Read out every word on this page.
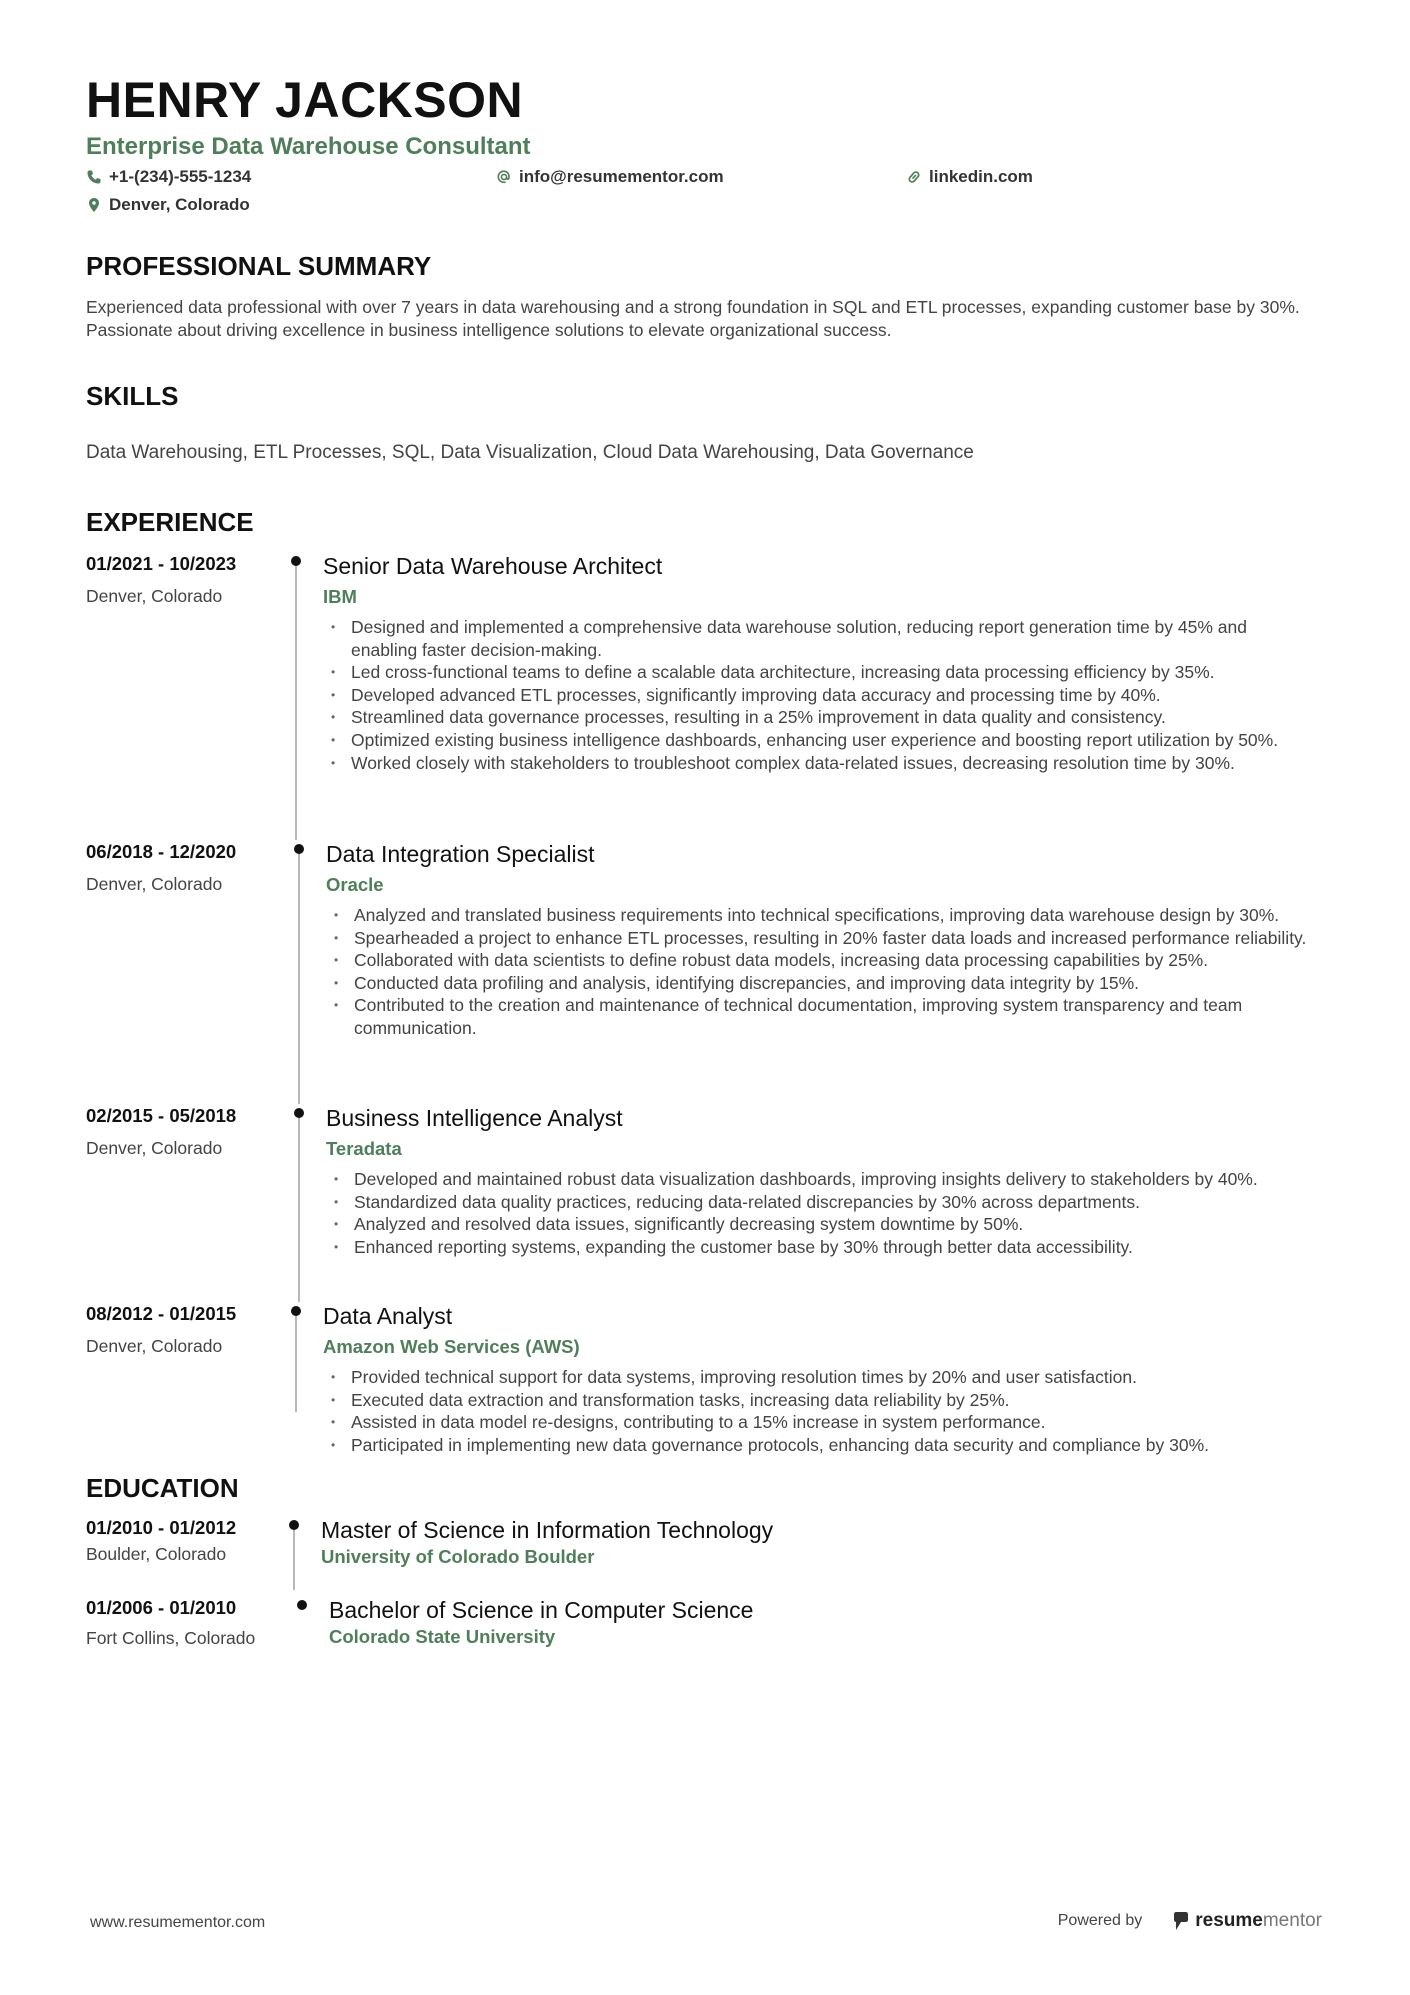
HENRY JACKSON
Enterprise Data Warehouse Consultant
+1-(234)-555-1234	info@resumementor.com	linkedin.com
Denver, Colorado
PROFESSIONAL SUMMARY
Experienced data professional with over 7 years in data warehousing and a strong foundation in SQL and ETL processes, expanding customer base by 30%. Passionate about driving excellence in business intelligence solutions to elevate organizational success.
SKILLS
Data Warehousing, ETL Processes, SQL, Data Visualization, Cloud Data Warehousing, Data Governance
EXPERIENCE
01/2021 - 10/2023
Denver, Colorado
Senior Data Warehouse Architect
IBM
• Designed and implemented a comprehensive data warehouse solution, reducing report generation time by 45% and enabling faster decision-making.
• Led cross-functional teams to define a scalable data architecture, increasing data processing efficiency by 35%.
• Developed advanced ETL processes, significantly improving data accuracy and processing time by 40%.
• Streamlined data governance processes, resulting in a 25% improvement in data quality and consistency.
• Optimized existing business intelligence dashboards, enhancing user experience and boosting report utilization by 50%.
• Worked closely with stakeholders to troubleshoot complex data-related issues, decreasing resolution time by 30%.
06/2018 - 12/2020
Denver, Colorado
Data Integration Specialist
Oracle
• Analyzed and translated business requirements into technical specifications, improving data warehouse design by 30%.
• Spearheaded a project to enhance ETL processes, resulting in 20% faster data loads and increased performance reliability.
• Collaborated with data scientists to define robust data models, increasing data processing capabilities by 25%.
• Conducted data profiling and analysis, identifying discrepancies, and improving data integrity by 15%.
• Contributed to the creation and maintenance of technical documentation, improving system transparency and team communication.
02/2015 - 05/2018
Denver, Colorado
Business Intelligence Analyst
Teradata
• Developed and maintained robust data visualization dashboards, improving insights delivery to stakeholders by 40%.
• Standardized data quality practices, reducing data-related discrepancies by 30% across departments.
• Analyzed and resolved data issues, significantly decreasing system downtime by 50%.
• Enhanced reporting systems, expanding the customer base by 30% through better data accessibility.
08/2012 - 01/2015
Denver, Colorado
Data Analyst
Amazon Web Services (AWS)
• Provided technical support for data systems, improving resolution times by 20% and user satisfaction.
• Executed data extraction and transformation tasks, increasing data reliability by 25%.
• Assisted in data model re-designs, contributing to a 15% increase in system performance.
• Participated in implementing new data governance protocols, enhancing data security and compliance by 30%.
EDUCATION
01/2010 - 01/2012
Boulder, Colorado
Master of Science in Information Technology
University of Colorado Boulder
01/2006 - 01/2010
Fort Collins, Colorado
Bachelor of Science in Computer Science
Colorado State University
www.resumementor.com	Powered by	resume mentor
